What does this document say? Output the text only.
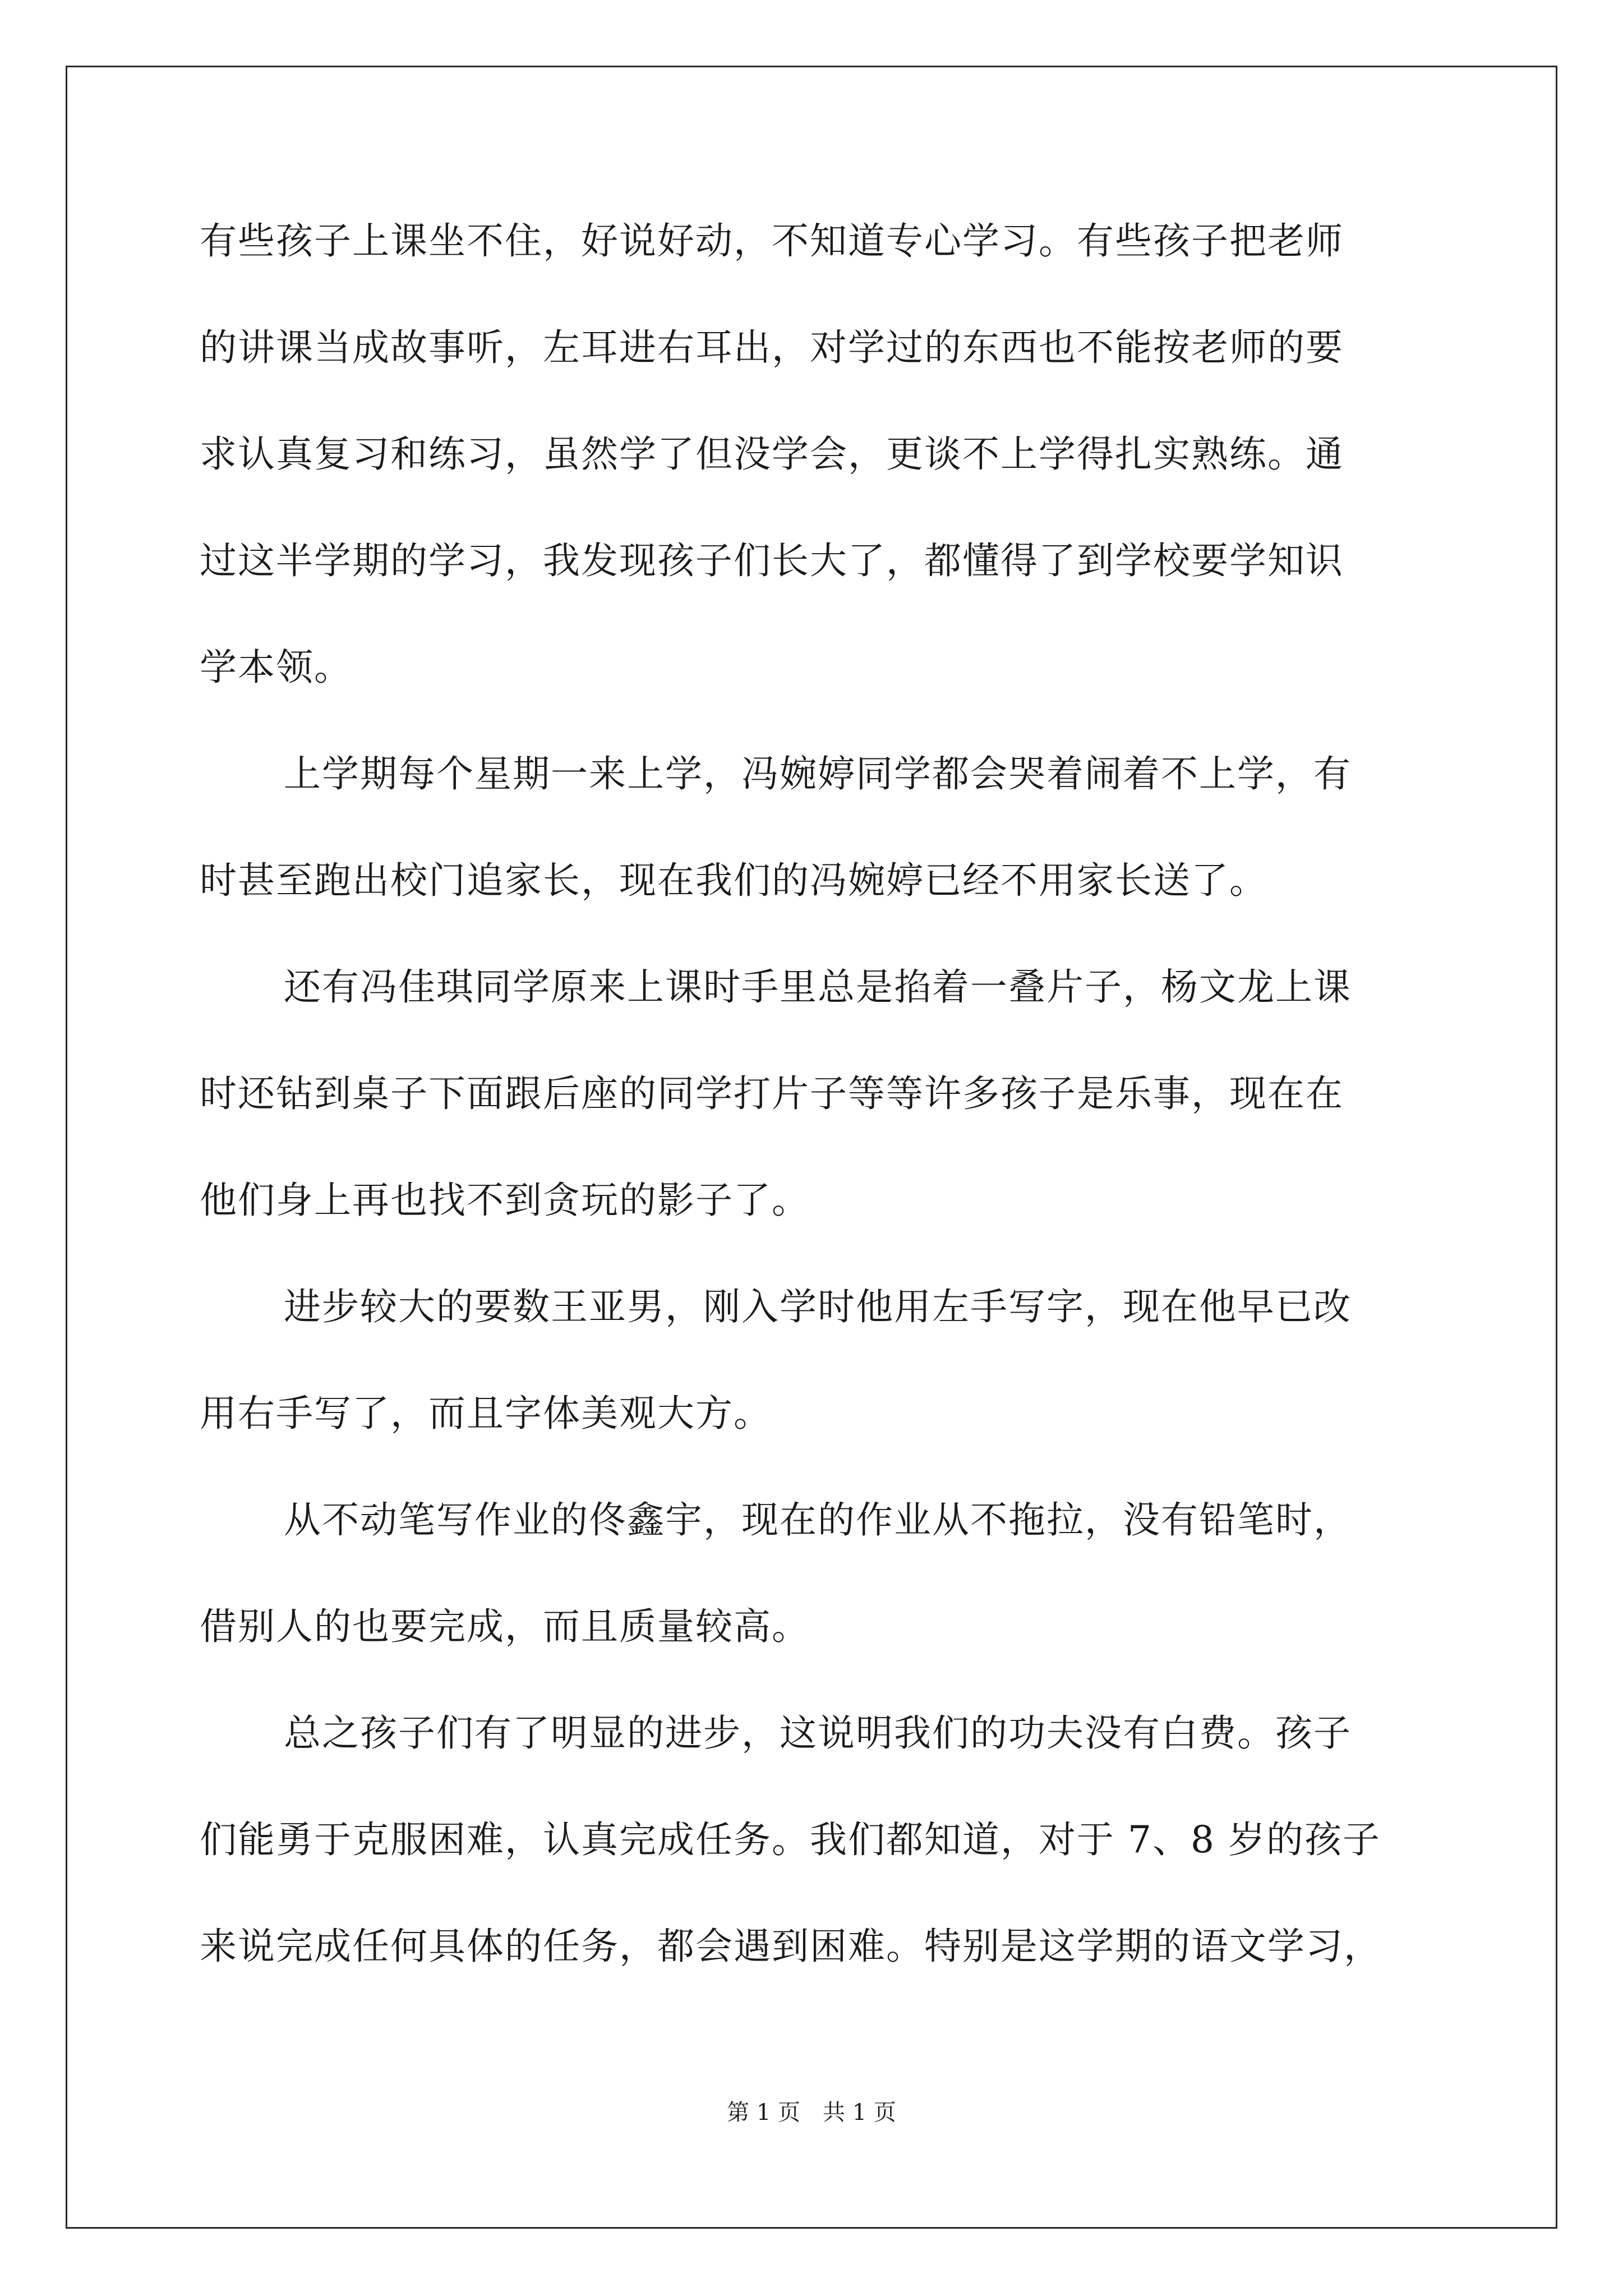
有些孩子上课坐不住，好说好动，不知道专心学习。有些孩子把老师
的讲课当成故事听，左耳进右耳出，对学过的东西也不能按老师的要
求认真复习和练习，虽然学了但没学会，更谈不上学得扎实熟练。通
过这半学期的学习，我发现孩子们长大了，都懂得了到学校要学知识
学本领。
上学期每个星期一来上学，冯婉婷同学都会哭着闹着不上学，有
时甚至跑出校门追家长，现在我们的冯婉婷已经不用家长送了。
还有冯佳琪同学原来上课时手里总是掐着一叠片子，杨文龙上课
时还钻到桌子下面跟后座的同学打片子等等许多孩子是乐事，现在在
他们身上再也找不到贪玩的影子了。
进步较大的要数王亚男，刚入学时他用左手写字，现在他早已改
用右手写了，而且字体美观大方。
从不动笔写作业的佟鑫宇，现在的作业从不拖拉，没有铅笔时，
借别人的也要完成，而且质量较高。
总之孩子们有了明显的进步，这说明我们的功夫没有白费。孩子
们能勇于克服困难，认真完成任务。我们都知道，对于 7、8 岁的孩子
来说完成任何具体的任务，都会遇到困难。特别是这学期的语文学习，
第 1 页 共 1 页
